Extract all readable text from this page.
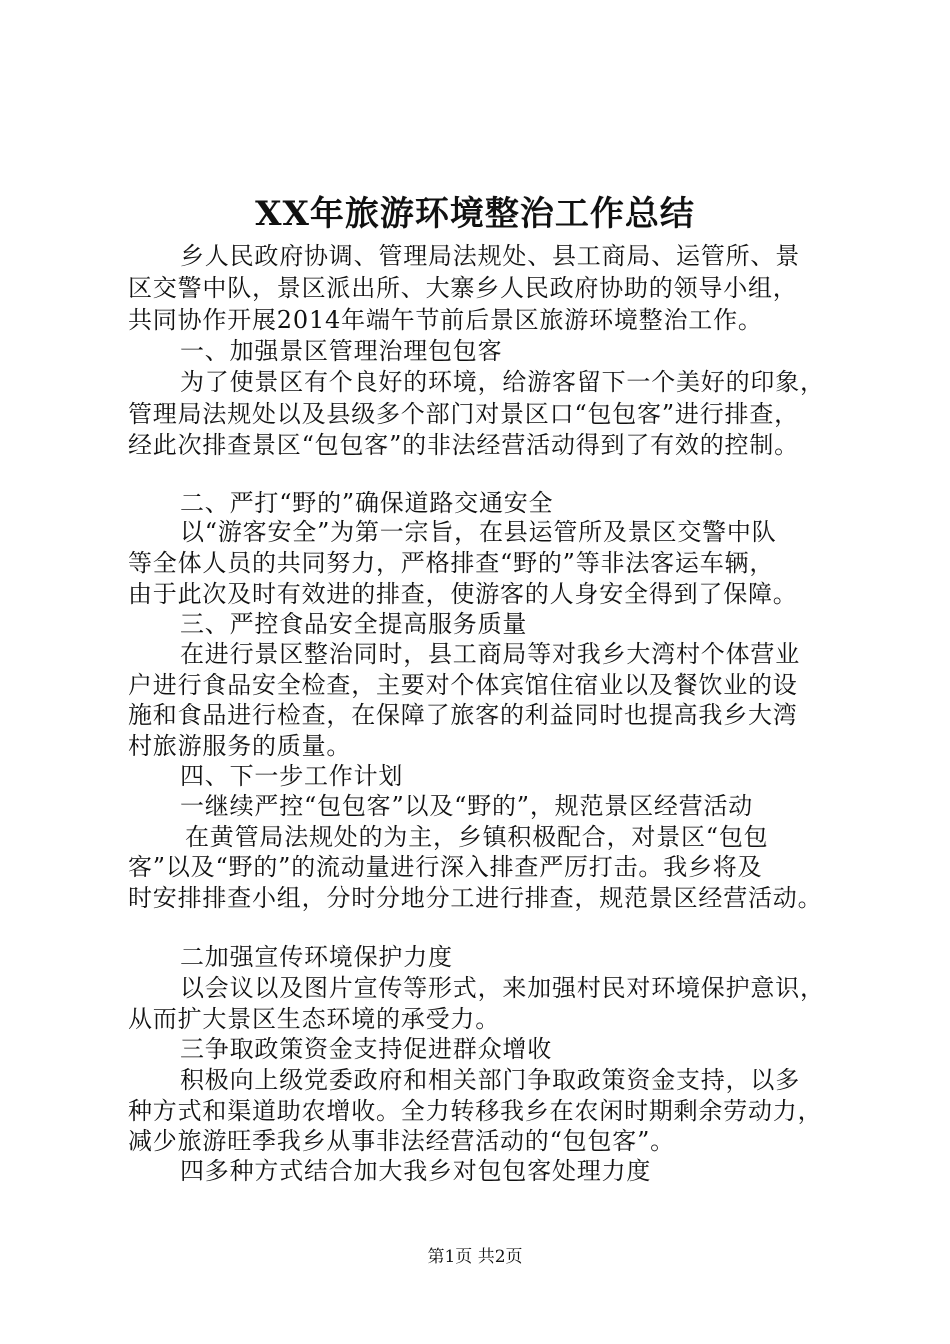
XX年旅游环境整治工作总结
乡人民政府协调、管理局法规处、县工商局、运管所、景
区交警中队，景区派出所、大寨乡人民政府协助的领导小组，
共同协作开展2014年端午节前后景区旅游环境整治工作。
一、加强景区管理治理包包客
为了使景区有个良好的环境，给游客留下一个美好的印象，
管理局法规处以及县级多个部门对景区口“包包客”进行排查，
经此次排查景区“包包客”的非法经营活动得到了有效的控制。
二、严打“野的”确保道路交通安全
以“游客安全”为第一宗旨，在县运管所及景区交警中队
等全体人员的共同努力，严格排查“野的”等非法客运车辆，
由于此次及时有效进的排查，使游客的人身安全得到了保障。
三、严控食品安全提高服务质量
在进行景区整治同时，县工商局等对我乡大湾村个体营业
户进行食品安全检查，主要对个体宾馆住宿业以及餐饮业的设
施和食品进行检查，在保障了旅客的利益同时也提高我乡大湾
村旅游服务的质量。
四、下一步工作计划
一继续严控“包包客”以及“野的”，规范景区经营活动
在黄管局法规处的为主，乡镇积极配合，对景区“包包
客”以及“野的”的流动量进行深入排查严厉打击。我乡将及
时安排排查小组，分时分地分工进行排查，规范景区经营活动。
二加强宣传环境保护力度
以会议以及图片宣传等形式，来加强村民对环境保护意识，
从而扩大景区生态环境的承受力。
三争取政策资金支持促进群众增收
积极向上级党委政府和相关部门争取政策资金支持，以多
种方式和渠道助农增收。全力转移我乡在农闲时期剩余劳动力，
减少旅游旺季我乡从事非法经营活动的“包包客”。
四多种方式结合加大我乡对包包客处理力度
第1页 共2页
